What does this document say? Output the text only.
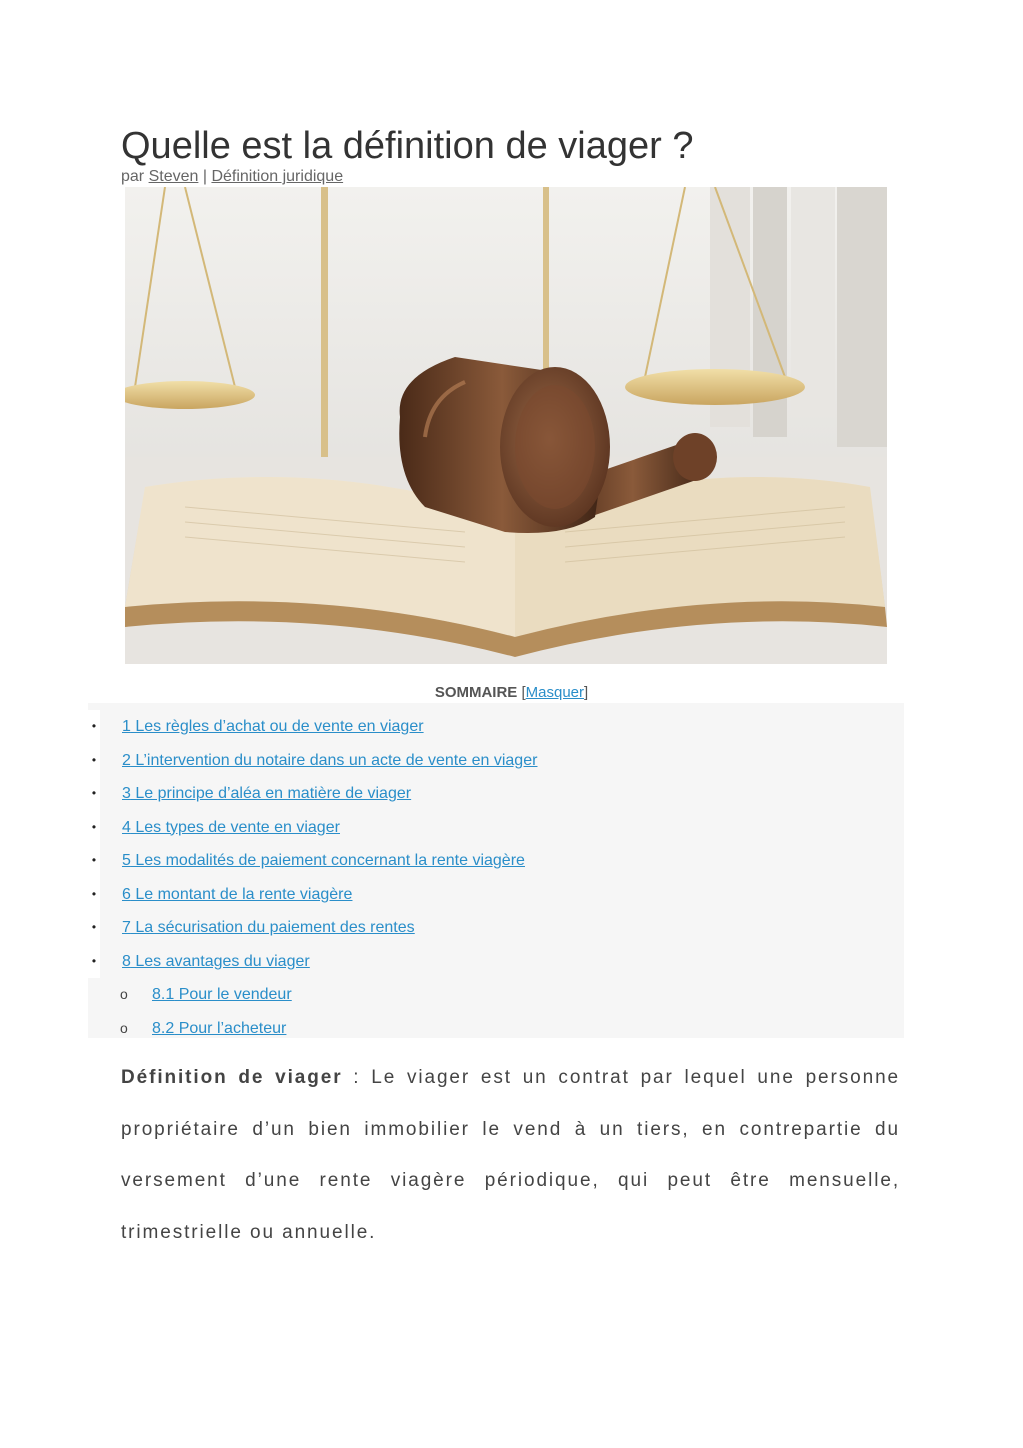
Quelle est la définition de viager ?
par Steven | Définition juridique
SOMMAIRE [Masquer]
• 1 Les règles d’achat ou de vente en viager
• 2 L’intervention du notaire dans un acte de vente en viager
• 3 Le principe d’aléa en matière de viager
• 4 Les types de vente en viager
• 5 Les modalités de paiement concernant la rente viagère
• 6 Le montant de la rente viagère
• 7 La sécurisation du paiement des rentes
• 8 Les avantages du viager
o 8.1 Pour le vendeur
o 8.2 Pour l’acheteur

Définition de viager : Le viager est un contrat par lequel une personne propriétaire d’un bien immobilier le vend à un tiers, en contrepartie du versement d’une rente viagère périodique, qui peut être mensuelle, trimestrielle ou annuelle.
